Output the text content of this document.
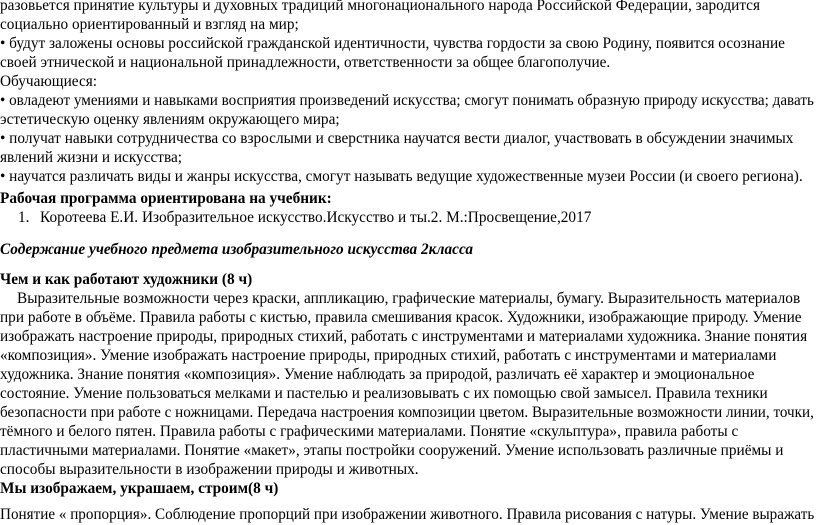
разовьется принятие культуры и духовных традиций многонационального народа Российской Федерации, зародится
социально ориентированный и взгляд на мир;
• будут заложены основы российской гражданской идентичности, чувства гордости за свою Родину, появится осознание
своей этнической и национальной принадлежности, ответственности за общее благополучие.
Обучающиеся:
• овладеют умениями и навыками восприятия произведений искусства; смогут понимать образную природу искусства; давать
эстетическую оценку явлениям окружающего мира;
• получат навыки сотрудничества со взрослыми и сверстника научатся вести диалог, участвовать в обсуждении значимых
явлений жизни и искусства;
• научатся различать виды и жанры искусства, смогут называть ведущие художественные музеи России (и своего региона).
Рабочая программа ориентирована на учебник:
1. Коротеева Е.И. Изобразительное искусство.Искусство и ты.2. М.:Просвещение,2017
Содержание учебного предмета изобразительного искусства 2класса
Чем и как работают художники (8 ч)
Выразительные возможности через краски, аппликацию, графические материалы, бумагу. Выразительность материалов
при работе в объёме. Правила работы с кистью, правила смешивания красок. Художники, изображающие природу. Умение
изображать настроение природы, природных стихий, работать с инструментами и материалами художника. Знание понятия
«композиция». Умение изображать настроение природы, природных стихий, работать с инструментами и материалами
художника. Знание понятия «композиция». Умение наблюдать за природой, различать её характер и эмоциональное
состояние. Умение пользоваться мелками и пастелью и реализовывать с их помощью свой замысел. Правила техники
безопасности при работе с ножницами. Передача настроения композиции цветом. Выразительные возможности линии, точки,
тёмного и белого пятен. Правила работы с графическими материалами. Понятие «скульптура», правила работы с
пластичными материалами. Понятие «макет», этапы постройки сооружений. Умение использовать различные приёмы и
способы выразительности в изображении природы и животных.
Мы изображаем, украшаем, строим(8 ч)
Понятие « пропорция». Соблюдение пропорций при изображении животного. Правила рисования с натуры. Умение выражать
